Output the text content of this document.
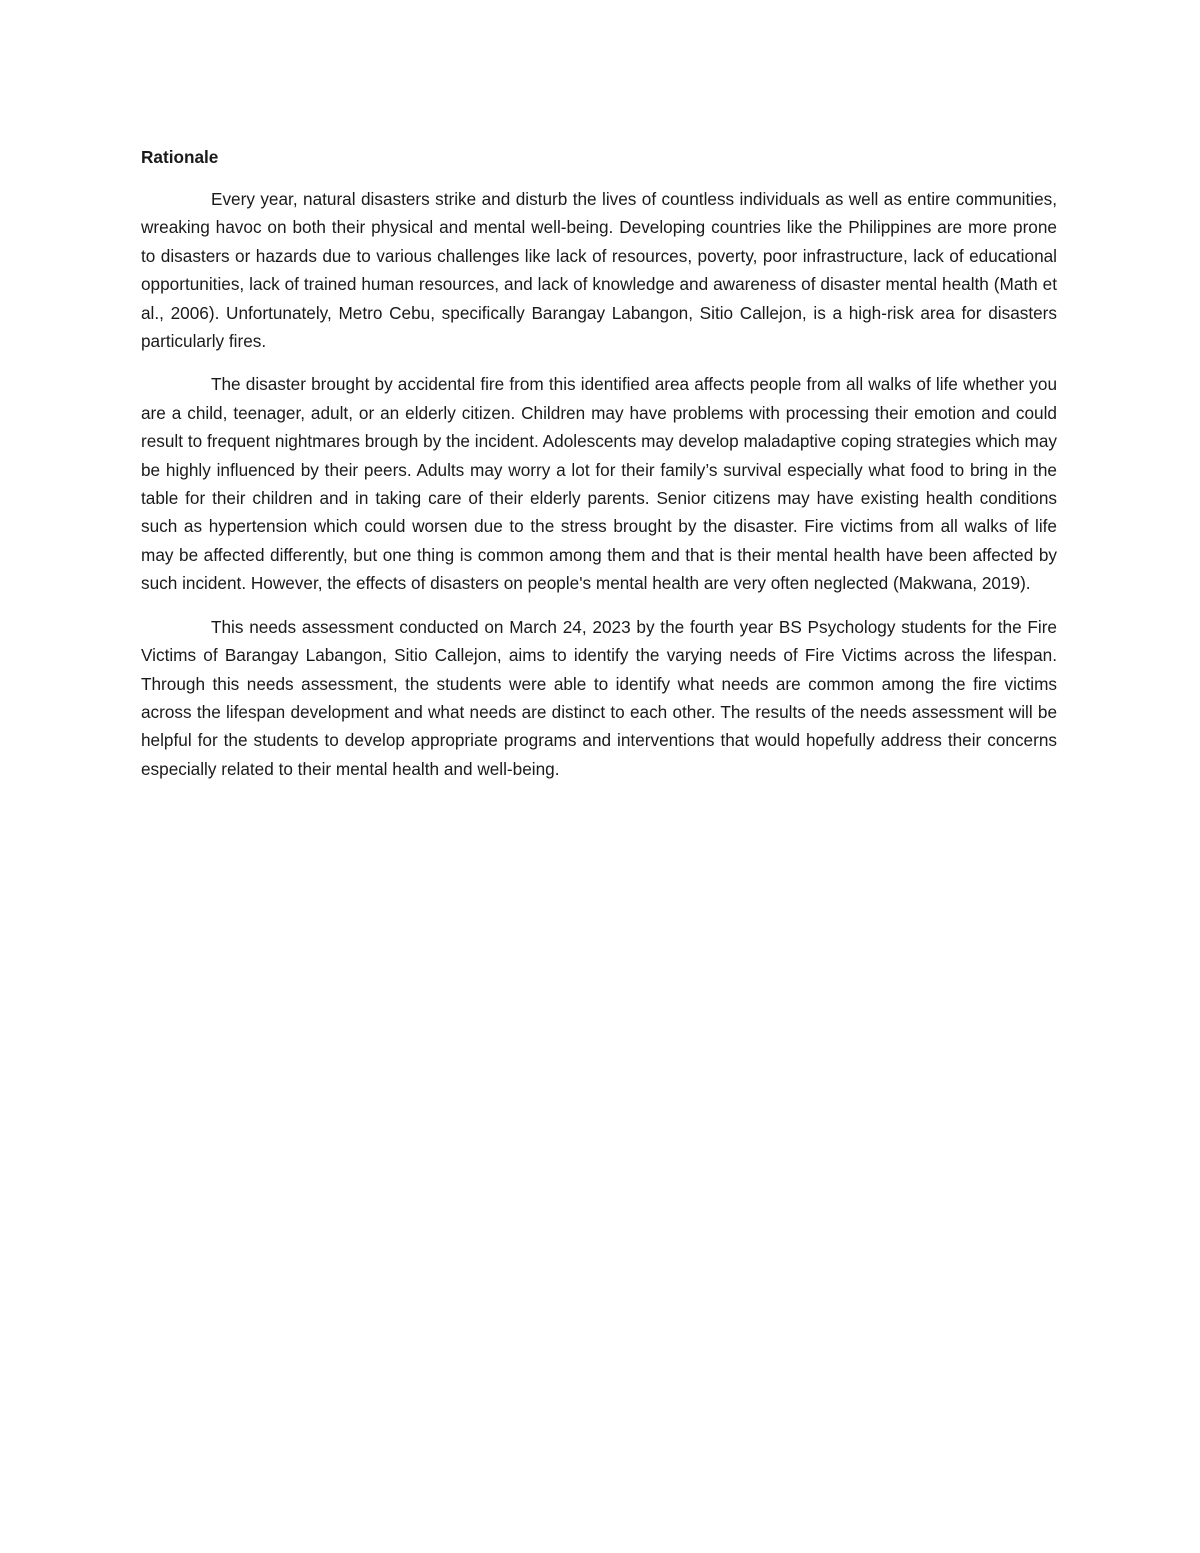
Rationale

Every year, natural disasters strike and disturb the lives of countless individuals as well as entire communities, wreaking havoc on both their physical and mental well-being. Developing countries like the Philippines are more prone to disasters or hazards due to various challenges like lack of resources, poverty, poor infrastructure, lack of educational opportunities, lack of trained human resources, and lack of knowledge and awareness of disaster mental health (Math et al., 2006). Unfortunately, Metro Cebu, specifically Barangay Labangon, Sitio Callejon, is a high-risk area for disasters particularly fires.

The disaster brought by accidental fire from this identified area affects people from all walks of life whether you are a child, teenager, adult, or an elderly citizen. Children may have problems with processing their emotion and could result to frequent nightmares brough by the incident. Adolescents may develop maladaptive coping strategies which may be highly influenced by their peers. Adults may worry a lot for their family’s survival especially what food to bring in the table for their children and in taking care of their elderly parents. Senior citizens may have existing health conditions such as hypertension which could worsen due to the stress brought by the disaster. Fire victims from all walks of life may be affected differently, but one thing is common among them and that is their mental health have been affected by such incident. However, the effects of disasters on people's mental health are very often neglected (Makwana, 2019).

This needs assessment conducted on March 24, 2023 by the fourth year BS Psychology students for the Fire Victims of Barangay Labangon, Sitio Callejon, aims to identify the varying needs of Fire Victims across the lifespan. Through this needs assessment, the students were able to identify what needs are common among the fire victims across the lifespan development and what needs are distinct to each other. The results of the needs assessment will be helpful for the students to develop appropriate programs and interventions that would hopefully address their concerns especially related to their mental health and well-being.
